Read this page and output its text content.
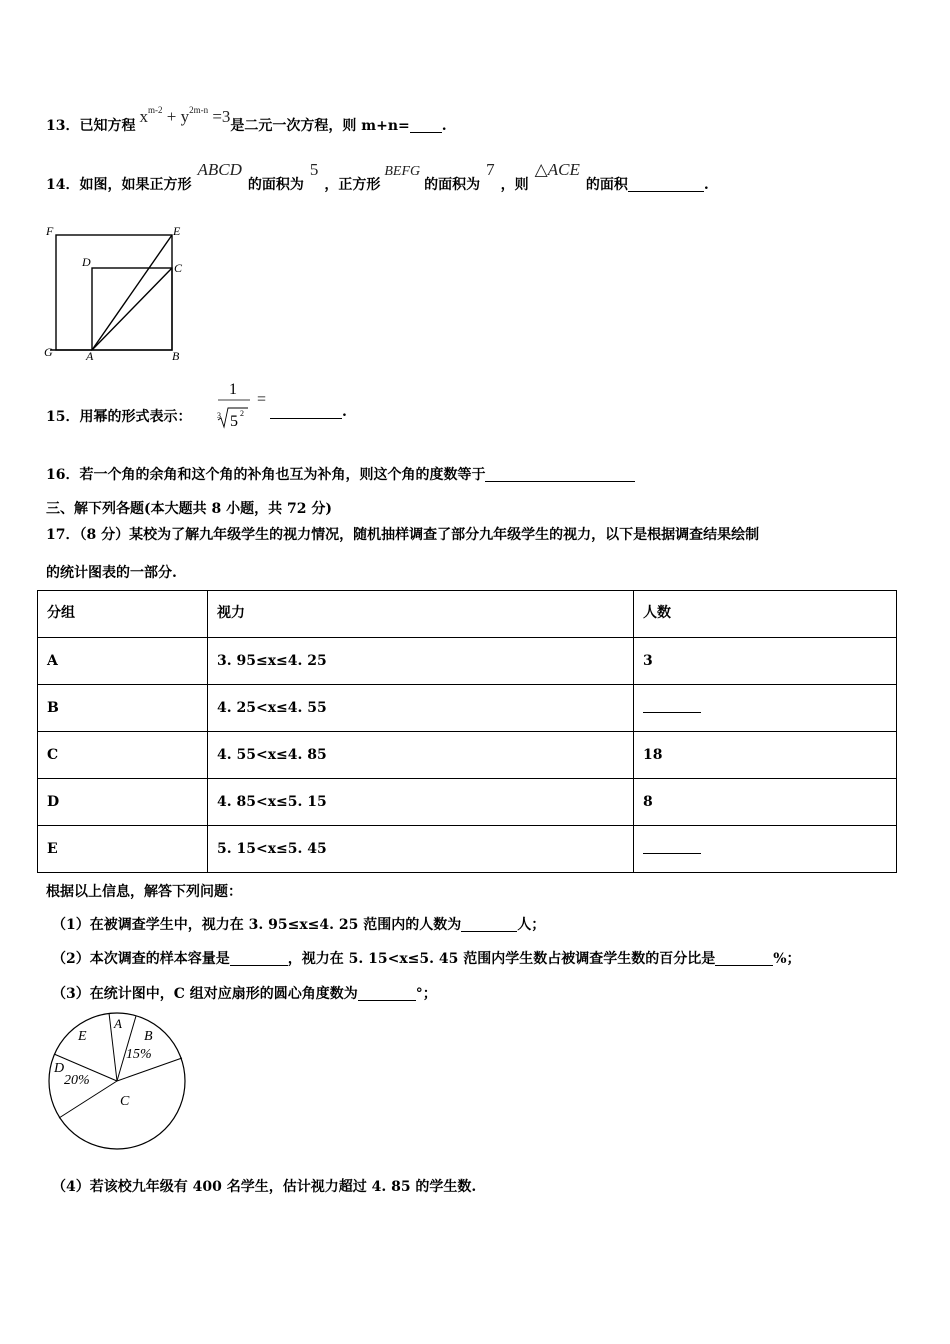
13．已知方程 $x^{m-2} + y^{2m-n} =3$是二元一次方程，则 m+n= .
14．如图，如果正方形ABCD的面积为5，正方形BEFG的面积为7，则△ACE的面积	.
F	E
D	C
G	A	B
15．用幂的形式表示：
1
3 5 2
=
.
16．若一个角的余角和这个角的补角也互为补角，则这个角的度数等于
三、解下列各题(本大题共 8 小题，共 72 分)
17．（8 分）某校为了解九年级学生的视力情况，随机抽样调查了部分九年级学生的视力，以下是根据调查结果绘制
的统计图表的一部分.
分组	视力	人数
A	3. 95≤x≤4. 25	3
B	4. 25<x≤4. 55	
C	4. 55<x≤4. 85	18
D	4. 85<x≤5. 15	8
E	5. 15<x≤5. 45	
根据以上信息，解答下列问题：
（1）在被调查学生中，视力在 3. 95≤x≤4. 25 范围内的人数为	人；
（2）本次调查的样本容量是	，视力在 5. 15<x≤5. 45 范围内学生数占被调查学生数的百分比是	%；
（3）在统计图中，C 组对应扇形的圆心角度数为	°；
E
A
B
15%
D
20%
C
（4）若该校九年级有 400 名学生，估计视力超过 4. 85 的学生数.
